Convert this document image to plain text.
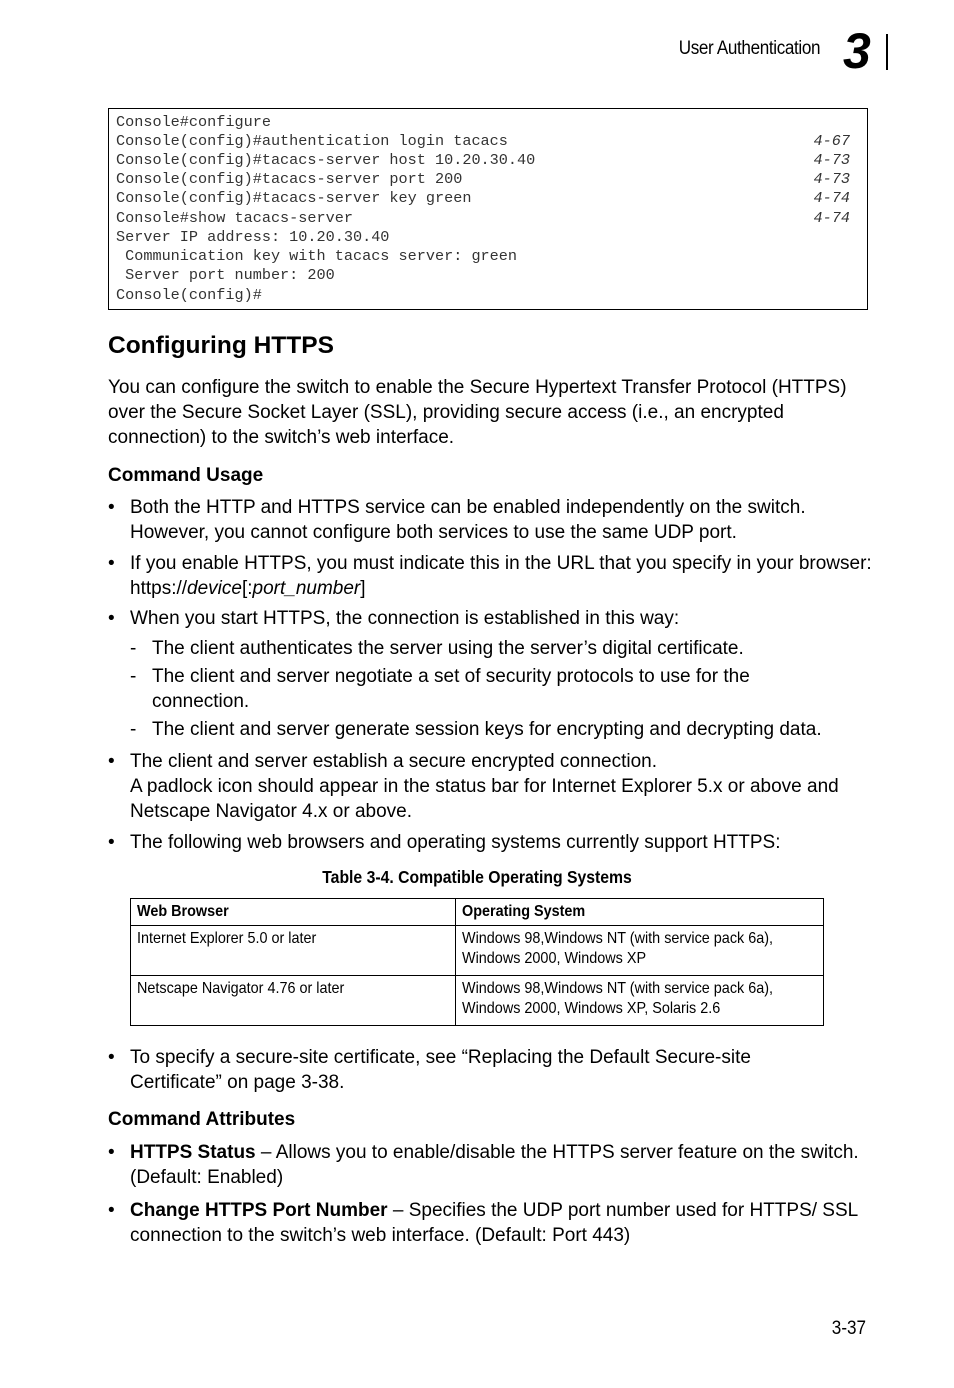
User Authentication 3
Console#configure
Console(config)#authentication login tacacs	4-67
Console(config)#tacacs-server host 10.20.30.40	4-73
Console(config)#tacacs-server port 200	4-73
Console(config)#tacacs-server key green	4-74
Console#show tacacs-server	4-74
Server IP address: 10.20.30.40
Communication key with tacacs server: green
Server port number: 200
Console(config)#
Configuring HTTPS
You can configure the switch to enable the Secure Hypertext Transfer Protocol (HTTPS) over the Secure Socket Layer (SSL), providing secure access (i.e., an encrypted connection) to the switch’s web interface.
Command Usage
• Both the HTTP and HTTPS service can be enabled independently on the switch. However, you cannot configure both services to use the same UDP port.
• If you enable HTTPS, you must indicate this in the URL that you specify in your browser: https://device[:port_number]
• When you start HTTPS, the connection is established in this way:
- The client authenticates the server using the server’s digital certificate.
- The client and server negotiate a set of security protocols to use for the connection.
- The client and server generate session keys for encrypting and decrypting data.
• The client and server establish a secure encrypted connection.
A padlock icon should appear in the status bar for Internet Explorer 5.x or above and Netscape Navigator 4.x or above.
• The following web browsers and operating systems currently support HTTPS:
Table 3-4. Compatible Operating Systems
Web Browser	Operating System
Internet Explorer 5.0 or later	Windows 98,Windows NT (with service pack 6a),
Windows 2000, Windows XP
Netscape Navigator 4.76 or later	Windows 98,Windows NT (with service pack 6a),
Windows 2000, Windows XP, Solaris 2.6
• To specify a secure-site certificate, see “Replacing the Default Secure-site Certificate” on page 3-38.
Command Attributes
• HTTPS Status – Allows you to enable/disable the HTTPS server feature on the switch. (Default: Enabled)
• Change HTTPS Port Number – Specifies the UDP port number used for HTTPS/ SSL connection to the switch’s web interface. (Default: Port 443)
3-37
